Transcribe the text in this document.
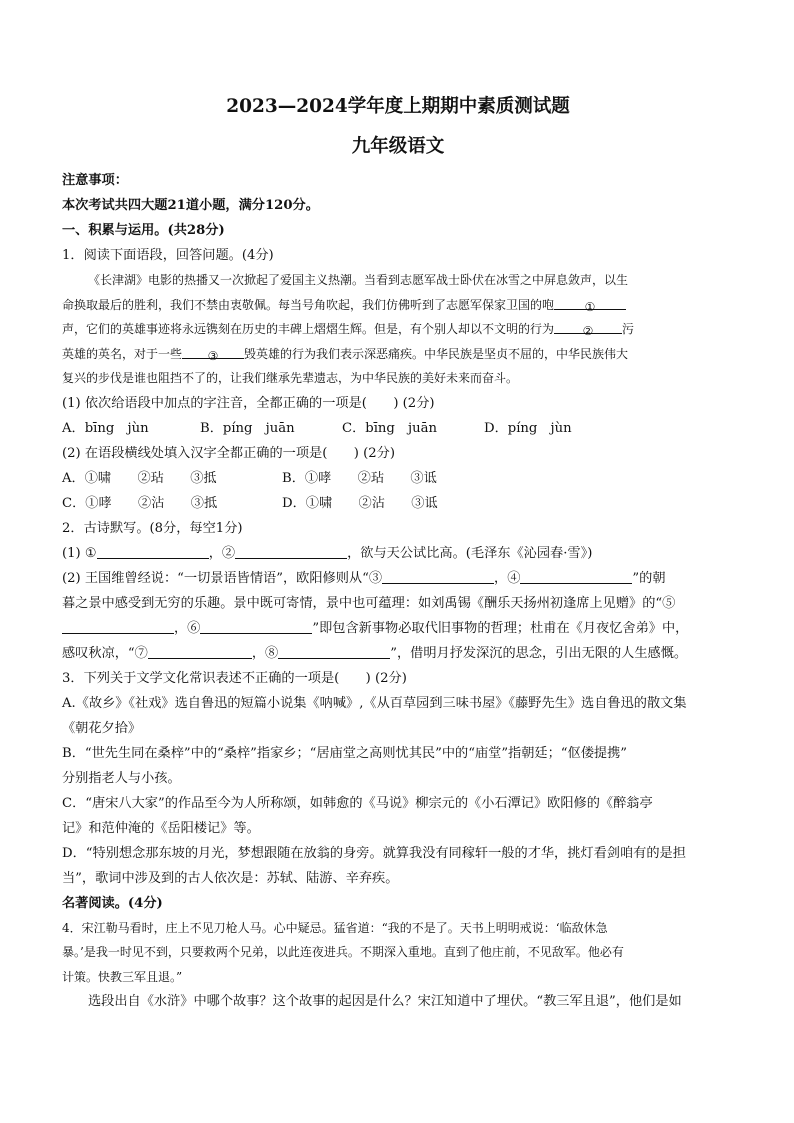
2023—2024学年度上期期中素质测试题
九年级语文
注意事项：
本次考试共四大题21道小题，满分120分。
一、积累与运用。(共28分)
1．阅读下面语段，回答问题。(4分)
《长津湖》电影的热播又一次掀起了爱国主义热潮。当看到志愿军战士卧伏在冰雪之中屏息敛声，以生
命换取最后的胜利，我们不禁由衷敬佩。每当号角吹起，我们仿佛听到了志愿军保家卫国的咆	①
声，它们的英雄事迹将永远镌刻在历史的丰碑上熠熠生辉。但是，有个别人却以不文明的行为 ② 污
英雄的英名，对于一些 ③ 毁英雄的行为我们表示深恶痛疾。中华民族是坚贞不屈的，中华民族伟大
复兴的步伐是谁也阻挡不了的，让我们继承先辈遗志，为中华民族的美好未来而奋斗。
(1) 依次给语段中加点的字注音，全都正确的一项是(　　) (2分)
A．bīng　jùn	B．píng　juān	C．bīng　juān	D．píng　jùn
(2) 在语段横线处填入汉字全都正确的一项是(　　) (2分)
A．①啸　　②玷　　③抵	B．①哮　　②玷　　③诋
C．①哮　　②沾　　③抵	D．①啸　　②沾　　③诋
2．古诗默写。(8分，每空1分)
(1) ①	，②	，欲与天公试比高。(毛泽东《沁园春·雪》)
(2) 王国维曾经说：“一切景语皆情语”，欧阳修则从“③	，④	”的朝
暮之景中感受到无穷的乐趣。景中既可寄情，景中也可蕴理：如刘禹锡《酬乐天扬州初逢席上见赠》的“⑤
，⑥	”即包含新事物必取代旧事物的哲理；杜甫在《月夜忆舍弟》中，
感叹秋凉，“⑦	，⑧	”，借明月抒发深沉的思念，引出无限的人生感慨。
3．下列关于文学文化常识表述不正确的一项是(　　) (2分)
A.《故乡》《社戏》选自鲁迅的短篇小说集《呐喊》,《从百草园到三味书屋》《藤野先生》选自鲁迅的散文集
《朝花夕拾》
B．“世先生同在桑梓”中的“桑梓”指家乡；“居庙堂之高则忧其民”中的“庙堂”指朝廷；“伛偻提携”
分别指老人与小孩。
C．“唐宋八大家”的作品至今为人所称颂，如韩愈的《马说》柳宗元的《小石潭记》欧阳修的《醉翁亭
记》和范仲淹的《岳阳楼记》等。
D．“特别想念那东坡的月光，梦想跟随在放翁的身旁。就算我没有同稼轩一般的才华，挑灯看剑咱有的是担
当”，歌词中涉及到的古人依次是：苏轼、陆游、辛弃疾。
名著阅读。(4分)
4．宋江勒马看时，庄上不见刀枪人马。心中疑忌。猛省道：“我的不是了。天书上明明戒说：‘临敌休急
暴。’是我一时见不到，只要救两个兄弟，以此连夜进兵。不期深入重地。直到了他庄前，不见敌军。他必有
计策。快教三军且退。”
选段出自《水浒》中哪个故事？这个故事的起因是什么？宋江知道中了埋伏。“教三军且退”，他们是如
